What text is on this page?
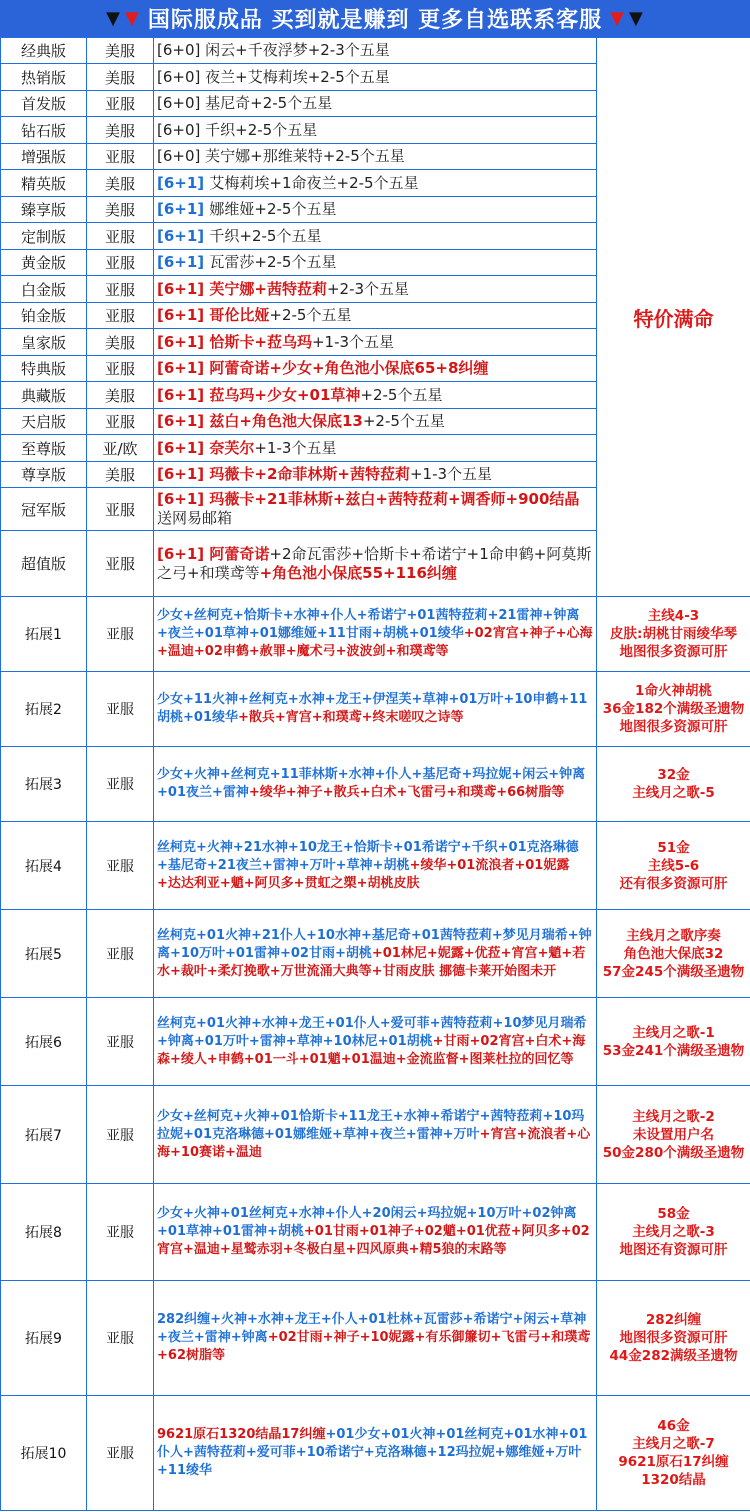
▼ ▼ 国际服成品 买到就是赚到 更多自选联系客服 ▼ ▼
经典版	美服	[6+0] 闲云+千夜浮梦+2-3个五星	特价满命
热销版	美服	[6+0] 夜兰+艾梅莉埃+2-5个五星	
首发版	亚服	[6+0] 基尼奇+2-5个五星	
钻石版	美服	[6+0] 千织+2-5个五星	
增强版	亚服	[6+0] 芙宁娜+那维莱特+2-5个五星	
精英版	美服	[6+1] 艾梅莉埃+1命夜兰+2-5个五星	
臻享版	美服	[6+1] 娜维娅+2-5个五星	
定制版	亚服	[6+1] 千织+2-5个五星	
黄金版	亚服	[6+1] 瓦雷莎+2-5个五星	
白金版	亚服	[6+1] 芙宁娜+茜特菈莉+2-3个五星	
铂金版	亚服	[6+1] 哥伦比娅+2-5个五星	
皇家版	美服	[6+1] 恰斯卡+菈乌玛+1-3个五星	
特典版	亚服	[6+1] 阿蕾奇诺+少女+角色池小保底65+8纠缠	
典藏版	美服	[6+1] 菈乌玛+少女+01草神+2-5个五星	
天启版	亚服	[6+1] 兹白+角色池大保底13+2-5个五星	
至尊版	亚/欧	[6+1] 奈芙尔+1-3个五星	
尊享版	美服	[6+1] 玛薇卡+2命菲林斯+茜特菈莉+1-3个五星	
冠军版	亚服	[6+1] 玛薇卡+21菲林斯+兹白+茜特菈莉+调香师+900结晶 送网易邮箱	
超值版	亚服	[6+1] 阿蕾奇诺+2命瓦雷莎+恰斯卡+希诺宁+1命申鹤+阿莫斯之弓+和璞鸢等+角色池小保底55+116纠缠	
拓展1	亚服	少女+丝柯克+恰斯卡+水神+仆人+希诺宁+01茜特菈莉+21雷神+钟离+夜兰+01草神+01娜维娅+11甘雨+胡桃+01绫华+02宵宫+神子+心海+温迪+02申鹤+赦罪+魔术弓+波波剑+和璞鸢等	主线4-3
皮肤:胡桃甘雨绫华琴
地图很多资源可肝

拓展2	亚服	少女+11火神+丝柯克+水神+龙王+伊涅芙+草神+01万叶+10申鹤+11胡桃+01绫华+散兵+宵宫+和璞鸢+终末嗟叹之诗等	1命火神胡桃
36金182个满级圣遗物
地图很多资源可肝

拓展3	亚服	少女+火神+丝柯克+11菲林斯+水神+仆人+基尼奇+玛拉妮+闲云+钟离+01夜兰+雷神+绫华+神子+散兵+白术+飞雷弓+和璞鸢+66树脂等	32金
主线月之歌-5

拓展4	亚服	丝柯克+火神+21水神+10龙王+恰斯卡+01希诺宁+千织+01克洛琳德+基尼奇+21夜兰+雷神+万叶+草神+胡桃+绫华+01流浪者+01妮露+达达利亚+魈+阿贝多+贯虹之槊+胡桃皮肤	51金
主线5-6
还有很多资源可肝

拓展5	亚服	丝柯克+01火神+21仆人+10水神+基尼奇+01茜特菈莉+梦见月瑞希+钟离+10万叶+01雷神+02甘雨+胡桃+01林尼+妮露+优菈+宵宫+魈+若水+裁叶+柔灯挽歌+万世流涌大典等+甘雨皮肤 挪德卡莱开始图未开	主线月之歌序奏
角色池大保底32
57金245个满级圣遗物

拓展6	亚服	丝柯克+01火神+水神+龙王+01仆人+爱可菲+茜特菈莉+10梦见月瑞希+钟离+01万叶+雷神+草神+10林尼+01胡桃+甘雨+02宵宫+白术+海森+绫人+申鹤+01一斗+01魈+01温迪+金流监督+图莱杜拉的回忆等	主线月之歌-1
53金241个满级圣遗物

拓展7	亚服	少女+丝柯克+火神+01恰斯卡+11龙王+水神+希诺宁+茜特菈莉+10玛拉妮+01克洛琳德+01娜维娅+草神+夜兰+雷神+万叶+宵宫+流浪者+心海+10赛诺+温迪	主线月之歌-2
未设置用户名
50金280个满级圣遗物

拓展8	亚服	少女+火神+01丝柯克+水神+仆人+20闲云+玛拉妮+10万叶+02钟离+01草神+01雷神+胡桃+01甘雨+01神子+02魈+01优菈+阿贝多+02宵宫+温迪+星鹫赤羽+冬极白星+四风原典+精5狼的末路等	58金
主线月之歌-3
地图还有资源可肝

拓展9	亚服	282纠缠+火神+水神+龙王+仆人+01杜林+瓦雷莎+希诺宁+闲云+草神+夜兰+雷神+钟离+02甘雨+神子+10妮露+有乐御簾切+飞雷弓+和璞鸢+62树脂等	282纠缠
地图很多资源可肝
44金282满级圣遗物

拓展10	亚服	9621原石1320结晶17纠缠+01少女+01火神+01丝柯克+01水神+01仆人+茜特菈莉+爱可菲+10希诺宁+克洛琳德+12玛拉妮+娜维娅+万叶+11绫华	46金
主线月之歌-7
9621原石17纠缠
1320结晶
